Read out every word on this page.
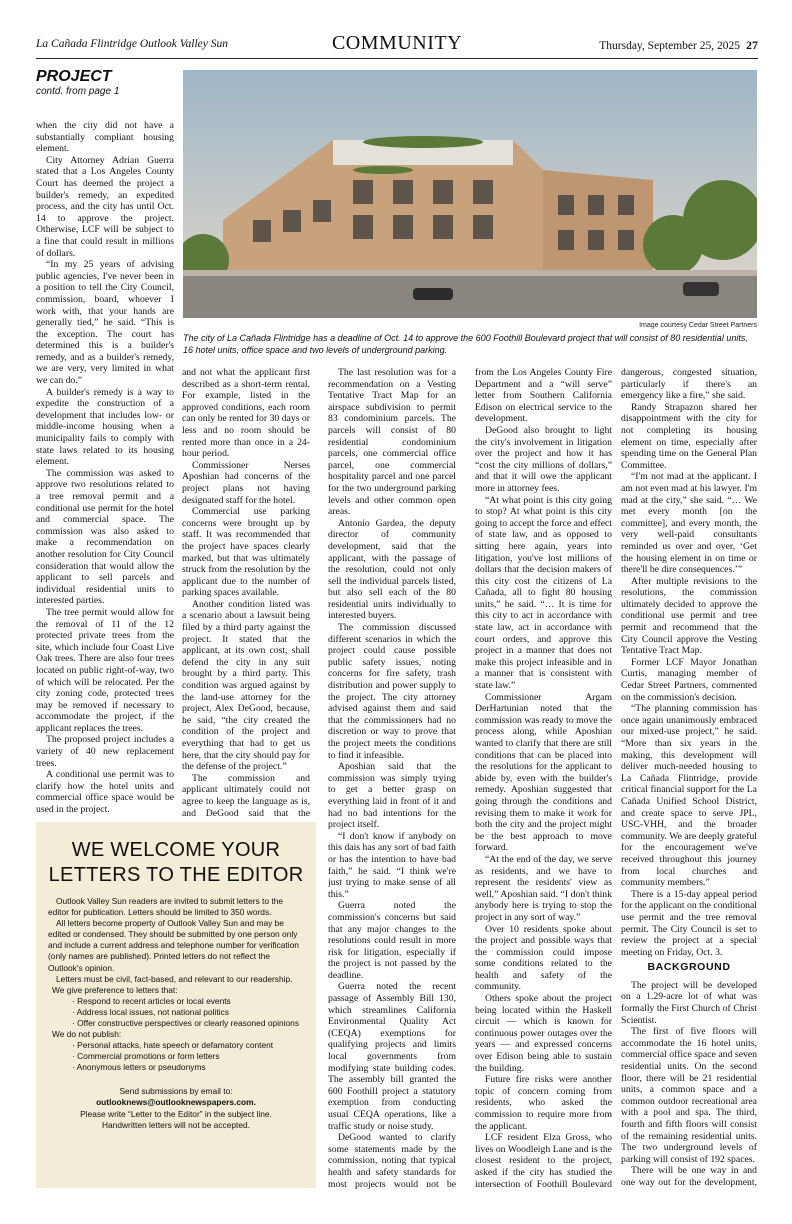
La Cañada Flintridge Outlook Valley Sun	COMMUNITY	Thursday, September 25, 2025 27
PROJECT
contd. from page 1

when the city did not have a substantially compliant housing element.

City Attorney Adrian Guerra stated that a Los Angeles County Court has deemed the project a builder's remedy, an expedited process, and the city has until Oct. 14 to approve the project. Otherwise, LCF will be subject to a fine that could result in millions of dollars.

“In my 25 years of advising public agencies, I've never been in a position to tell the City Council, commission, board, whoever I work with, that your hands are generally tied,” he said. “This is the exception. The court has determined this is a builder's remedy, and as a builder's remedy, we are very, very limited in what we can do.”

A builder's remedy is a way to expedite the construction of a development that includes low- or middle-income housing when a municipality fails to comply with state laws related to its housing element.

The commission was asked to approve two resolutions related to a tree removal permit and a conditional use permit for the hotel and commercial space. The commission was also asked to make a recommendation on another resolution for City Council consideration that would allow the applicant to sell parcels and individual residential units to interested parties.

The tree permit would allow for the removal of 11 of the 12 protected private trees from the site, which include four Coast Live Oak trees. There are also four trees located on public right-of-way, two of which will be relocated. Per the city zoning code, protected trees may be removed if necessary to accommodate the project, if the applicant replaces the trees.

The proposed project includes a variety of 40 new replacement trees.

A conditional use permit was to clarify how the hotel units and commercial office space would be used in the project.

Image courtesy Cedar Street Partners
The city of La Cañada Flintridge has a deadline of Oct. 14 to approve the 600 Foothill Boulevard project that will consist of 80 residential units, 16 hotel units, office space and two levels of underground parking.

and not what the applicant first described as a short-term rental. For example, listed in the approved conditions, each room can only be rented for 30 days or less and no room should be rented more than once in a 24-hour period.

Commissioner Nerses Aposhian had concerns of the project plans not having designated staff for the hotel.

Commercial use parking concerns were brought up by staff. It was recommended that the project have spaces clearly marked, but that was ultimately struck from the resolution by the applicant due to the number of parking spaces available.

Another condition listed was a scenario about a lawsuit being filed by a third party against the project. It stated that the applicant, at its own cost, shall defend the city in any suit brought by a third party. This condition was argued against by the land-use attorney for the project, Alex DeGood, because, he said, “the city created the condition of the project and everything that had to get us here, that the city should pay for the defense of the project.”

The commission and applicant ultimately could not agree to keep the language as is, and DeGood said that the

The last resolution was for a recommendation on a Vesting Tentative Tract Map for an airspace subdivision to permit 83 condominium parcels. The parcels will consist of 80 residential condominium parcels, one commercial office parcel, one commercial hospitality parcel and one parcel for the two underground parking levels and other common open areas.

Antonio Gardea, the deputy director of community development, said that the applicant, with the passage of the resolution, could not only sell the individual parcels listed, but also sell each of the 80 residential units individually to interested buyers.

The commission discussed different scenarios in which the project could cause possible public safety issues, noting concerns for fire safety, trash distribution and power supply to the project. The city attorney advised against them and said that the commissioners had no discretion or way to prove that the project meets the conditions to find it infeasible.

Aposhian said that the commission was simply trying to get a better grasp on everything laid in front of it and had no bad intentions for the project itself.

“I don't know if anybody on this dais has any sort of bad faith or has the intention to have bad faith,” he said. “I think we're just trying to make sense of all this.”

Guerra noted the commission's concerns but said that any major changes to the resolutions could result in more risk for litigation, especially if the project is not passed by the deadline.

Guerra noted the recent passage of Assembly Bill 130, which streamlines California Environmental Quality Act (CEQA) exemptions for qualifying projects and limits local governments from modifying state building codes. The assembly bill granted the 600 Foothill project a statutory exemption from conducting usual CEQA operations, like a traffic study or noise study.

DeGood wanted to clarify some statements made by the commission, noting that typical health and safety standards for most projects would not be

from the Los Angeles County Fire Department and a “will serve” letter from Southern California Edison on electrical service to the development.

DeGood also brought to light the city's involvement in litigation over the project and how it has “cost the city millions of dollars,” and that it will owe the applicant more in attorney fees.

“At what point is this city going to stop? At what point is this city going to accept the force and effect of state law, and as opposed to sitting here again, years into litigation, you've lost millions of dollars that the decision makers of this city cost the citizens of La Cañada, all to fight 80 housing units,” he said. “… It is time for this city to act in accordance with state law, act in accordance with court orders, and approve this project in a manner that does not make this project infeasible and in a manner that is consistent with state law.”

Commissioner Argam DerHartunian noted that the commission was ready to move the process along, while Aposhian wanted to clarify that there are still conditions that can be placed into the resolutions for the applicant to abide by, even with the builder's remedy. Aposhian suggested that going through the conditions and revising them to make it work for both the city and the project might be the best approach to move forward.

“At the end of the day, we serve as residents, and we have to represent the residents' view as well,” Aposhian said. “I don't think anybody here is trying to stop the project in any sort of way.”

Over 10 residents spoke about the project and possible ways that the commission could impose some conditions related to the health and safety of the community.

Others spoke about the project being located within the Haskell circuit — which is known for continuous power outages over the years — and expressed concerns over Edison being able to sustain the building.

Future fire risks were another topic of concern coming from residents, who asked the commission to require more from the applicant.

LCF resident Elza Gross, who lives on Woodleigh Lane and is the closest resident to the project, asked if the city has studied the intersection of Foothill Boulevard

dangerous, congested situation, particularly if there's an emergency like a fire,” she said.

Randy Strapazon shared her disappointment with the city for not completing its housing element on time, especially after spending time on the General Plan Committee.

“I'm not mad at the applicant. I am not even mad at his lawyer. I'm mad at the city,” she said. “… We met every month [on the committee], and every month, the very well-paid consultants reminded us over and over, ‘Get the housing element in on time or there'll be dire consequences.’”

After multiple revisions to the resolutions, the commission ultimately decided to approve the conditional use permit and tree permit and recommend that the City Council approve the Vesting Tentative Tract Map.

Former LCF Mayor Jonathan Curtis, managing member of Cedar Street Partners, commented on the commission's decision.

“The planning commission has once again unanimously embraced our mixed-use project,” he said. “More than six years in the making, this development will deliver much-needed housing to La Cañada Flintridge, provide critical financial support for the La Cañada Unified School District, and create space to serve JPL, USC-VHH, and the broader community. We are deeply grateful for the encouragement we've received throughout this journey from local churches and community members.”

There is a 15-day appeal period for the applicant on the conditional use permit and the tree removal permit. The City Council is set to review the project at a special meeting on Friday, Oct. 3.

BACKGROUND

The project will be developed on a 1.29-acre lot of what was formally the First Church of Christ Scientist.

The first of five floors will accommodate the 16 hotel units, commercial office space and seven residential units. On the second floor, there will be 21 residential units, a common space and a common outdoor recreational area with a pool and spa. The third, fourth and fifth floors will consist of the remaining residential units. The two underground levels of parking will consist of 192 spaces.

There will be one way in and one way out for the development,

WE WELCOME YOUR LETTERS TO THE EDITOR

Outlook Valley Sun readers are invited to submit letters to the editor for publication. Letters should be limited to 350 words.

All letters become property of Outlook Valley Sun and may be edited or condensed. They should be submitted by one person only and include a current address and telephone number for verification (only names are published). Printed letters do not reflect the Outlook's opinion.

Letters must be civil, fact-based, and relevant to our readership.

We give preference to letters that:
· Respond to recent articles or local events
· Address local issues, not national politics
· Offer constructive perspectives or clearly reasoned opinions
We do not publish:
· Personal attacks, hate speech or defamatory content
· Commercial promotions or form letters
· Anonymous letters or pseudonyms
Send submissions by email to:
outlooknews@outlooknewspapers.com.
Please write “Letter to the Editor” in the subject line.
Handwritten letters will not be accepted.
